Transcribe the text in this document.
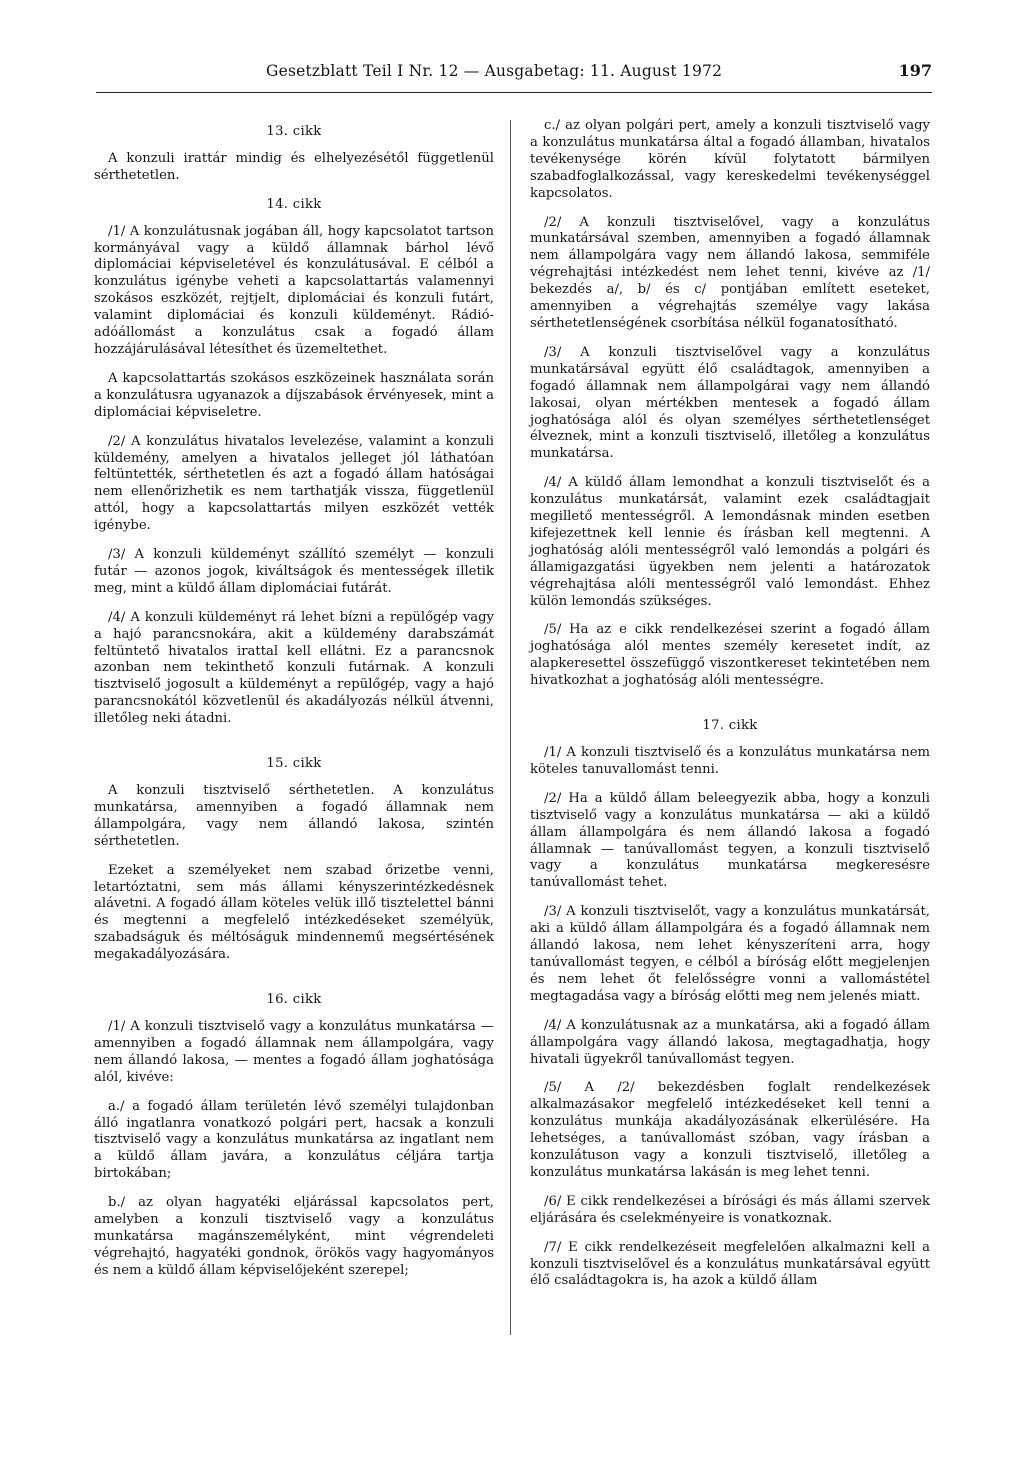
Gesetzblatt Teil I Nr. 12 — Ausgabetag: 11. August 1972	197
13. cikk

A konzuli irattár mindig és elhelyezésétől függetlenül sérthetetlen.

14. cikk

/1/ A konzulátusnak jogában áll, hogy kapcsolatot tartson kormányával vagy a küldő államnak bárhol lévő diplomáciai képviseletével és konzulátusával. E célból a konzulátus igénybe veheti a kapcsolattartás valamennyi szokásos eszközét, rejtjelt, diplomáciai és konzuli futárt, valamint diplomáciai és konzuli küldeményt. Rádió-adóállomást a konzulátus csak a fogadó állam hozzájárulásával létesíthet és üzemeltethet.

A kapcsolattartás szokásos eszközeinek használata során a konzulátusra ugyanazok a díjszabások érvényesek, mint a diplomáciai képviseletre.

/2/ A konzulátus hivatalos levelezése, valamint a konzuli küldemény, amelyen a hivatalos jelleget jól láthatóan feltüntették, sérthetetlen és azt a fogadó állam hatóságai nem ellenőrizhetik es nem tarthatják vissza, függetlenül attól, hogy a kapcsolattartás milyen eszközét vették igénybe.

/3/ A konzuli küldeményt szállító személyt — konzuli futár — azonos jogok, kiváltságok és mentességek illetik meg, mint a küldő állam diplomáciai futárát.

/4/ A konzuli küldeményt rá lehet bízni a repülőgép vagy a hajó parancsnokára, akit a küldemény darabszámát feltüntető hivatalos irattal kell ellátni. Ez a parancsnok azonban nem tekinthető konzuli futárnak. A konzuli tisztviselő jogosult a küldeményt a repülőgép, vagy a hajó parancsnokától közvetlenül és akadályozás nélkül átvenni, illetőleg neki átadni.

15. cikk

A konzuli tisztviselő sérthetetlen. A konzulátus munkatársa, amennyiben a fogadó államnak nem állampolgára, vagy nem állandó lakosa, szintén sérthetetlen.

Ezeket a személyeket nem szabad őrizetbe venni, letartóztatni, sem más állami kényszerintézkedésnek alávetni. A fogadó állam köteles velük illő tisztelettel bánni és megtenni a megfelelő intézkedéseket személyük, szabadságuk és méltóságuk mindennemű megsértésének megakadályozására.

16. cikk

/1/ A konzuli tisztviselő vagy a konzulátus munkatársa — amennyiben a fogadó államnak nem állampolgára, vagy nem állandó lakosa, — mentes a fogadó állam joghatósága alól, kivéve:

a./ a fogadó állam területén lévő személyi tulajdonban álló ingatlanra vonatkozó polgári pert, hacsak a konzuli tisztviselő vagy a konzulátus munkatársa az ingatlant nem a küldő állam javára, a konzulátus céljára tartja birtokában;

b./ az olyan hagyatéki eljárással kapcsolatos pert, amelyben a konzuli tisztviselő vagy a konzulátus munkatársa magánszemélyként, mint végrendeleti végrehajtó, hagyatéki gondnok, örökös vagy hagyományos és nem a küldő állam képviselőjeként szerepel;

c./ az olyan polgári pert, amely a konzuli tisztviselő vagy a konzulátus munkatársa által a fogadó államban, hivatalos tevékenysége körén kívül folytatott bármilyen szabadfoglalkozással, vagy kereskedelmi tevékenységgel kapcsolatos.

/2/ A konzuli tisztviselővel, vagy a konzulátus munkatársával szemben, amennyiben a fogadó államnak nem állampolgára vagy nem állandó lakosa, semmiféle végrehajtási intézkedést nem lehet tenni, kivéve az /1/ bekezdés a/, b/ és c/ pontjában említett eseteket, amennyiben a végrehajtás személye vagy lakása sérthetetlenségének csorbítása nélkül foganatosítható.

/3/ A konzuli tisztviselővel vagy a konzulátus munkatársával együtt élő családtagok, amennyiben a fogadó államnak nem állampolgárai vagy nem állandó lakosai, olyan mértékben mentesek a fogadó állam joghatósága alól és olyan személyes sérthetetlenséget élveznek, mint a konzuli tisztviselő, illetőleg a konzulátus munkatársa.

/4/ A küldő állam lemondhat a konzuli tisztviselőt és a konzulátus munkatársát, valamint ezek családtagjait megillető mentességről. A lemondásnak minden esetben kifejezettnek kell lennie és írásban kell megtenni. A joghatóság alóli mentességről való lemondás a polgári és államigazgatási ügyekben nem jelenti a határozatok végrehajtása alóli mentességről való lemondást. Ehhez külön lemondás szükséges.

/5/ Ha az e cikk rendelkezései szerint a fogadó állam joghatósága alól mentes személy keresetet indít, az alapkeresettel összefüggő viszontkereset tekintetében nem hivatkozhat a joghatóság alóli mentességre.

17. cikk

/1/ A konzuli tisztviselő és a konzulátus munkatársa nem köteles tanuvallomást tenni.

/2/ Ha a küldő állam beleegyezik abba, hogy a konzuli tisztviselő vagy a konzulátus munkatársa — aki a küldő állam állampolgára és nem állandó lakosa a fogadó államnak — tanúvallomást tegyen, a konzuli tisztviselő vagy a konzulátus munkatársa megkeresésre tanúvallomást tehet.

/3/ A konzuli tisztviselőt, vagy a konzulátus munkatársát, aki a küldő állam állampolgára és a fogadó államnak nem állandó lakosa, nem lehet kényszeríteni arra, hogy tanúvallomást tegyen, e célból a bíróság előtt megjelenjen és nem lehet őt felelősségre vonni a vallomástétel megtagadása vagy a bíróság előtti meg nem jelenés miatt.

/4/ A konzulátusnak az a munkatársa, aki a fogadó állam állampolgára vagy állandó lakosa, megtagadhatja, hogy hivatali ügyekről tanúvallomást tegyen.

/5/ A /2/ bekezdésben foglalt rendelkezések alkalmazásakor megfelelő intézkedéseket kell tenni a konzulátus munkája akadályozásának elkerülésére. Ha lehetséges, a tanúvallomást szóban, vagy írásban a konzulátuson vagy a konzuli tisztviselő, illetőleg a konzulátus munkatársa lakásán is meg lehet tenni.

/6/ E cikk rendelkezései a bírósági és más állami szervek eljárására és cselekményeire is vonatkoznak.

/7/ E cikk rendelkezéseit megfelelően alkalmazni kell a konzuli tisztviselővel és a konzulátus munkatársával együtt élő családtagokra is, ha azok a küldő állam
